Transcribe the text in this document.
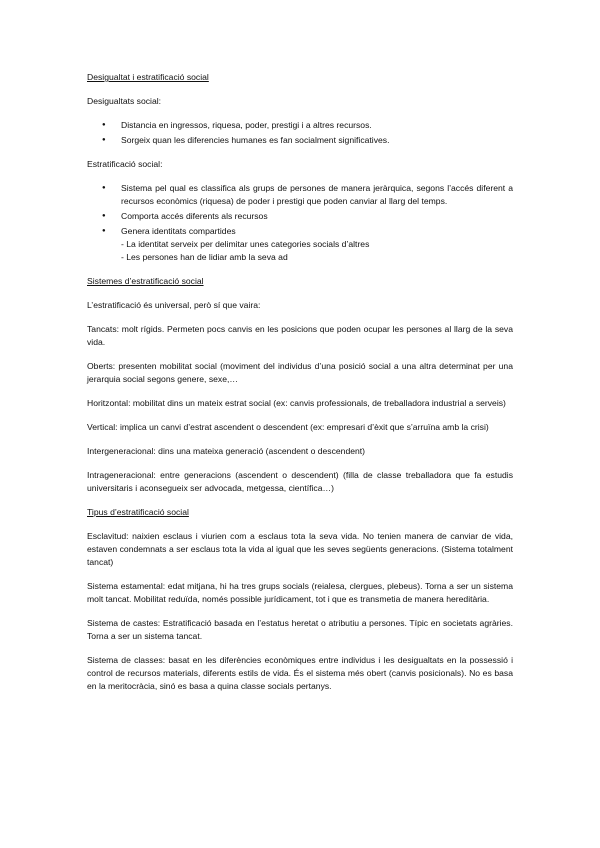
Desigualtat i estratificació social

Desigualtats social:

● Distancia en ingressos, riquesa, poder, prestigi i a altres recursos.
● Sorgeix quan les diferencies humanes es fan socialment significatives.

Estratificació social:

● Sistema pel qual es classifica als grups de persones de manera jeràrquica, segons l’accés diferent a recursos econòmics (riquesa) de poder i prestigi que poden canviar al llarg del temps.
● Comporta accés diferents als recursos
● Genera identitats compartides
- La identitat serveix per delimitar unes categories socials d’altres
- Les persones han de lidiar amb la seva ad

Sistemes d’estratificació social

L’estratificació és universal, però sí que vaira:

Tancats: molt rígids. Permeten pocs canvis en les posicions que poden ocupar les persones al llarg de la seva vida.

Oberts: presenten mobilitat social (moviment del individus d’una posició social a una altra determinat per una jerarquia social segons genere, sexe,…

Horitzontal: mobilitat dins un mateix estrat social (ex: canvis professionals, de treballadora industrial a serveis)

Vertical: implica un canvi d’estrat ascendent o descendent (ex: empresari d’èxit que s’arruïna amb la crisi)

Intergeneracional: dins una mateixa generació (ascendent o descendent)

Intrageneracional: entre generacions (ascendent o descendent) (filla de classe treballadora que fa estudis universitaris i aconsegueix ser advocada, metgessa, científica…)

Tipus d’estratificació social

Esclavitud: naixien esclaus i viurien com a esclaus tota la seva vida. No tenien manera de canviar de vida, estaven condemnats a ser esclaus tota la vida al igual que les seves següents generacions. (Sistema totalment tancat)

Sistema estamental: edat mitjana, hi ha tres grups socials (reialesa, clergues, plebeus). Torna a ser un sistema molt tancat. Mobilitat reduïda, només possible jurídicament, tot i que es transmetia de manera hereditària.

Sistema de castes: Estratificació basada en l’estatus heretat o atributiu a persones. Típic en societats agràries. Torna a ser un sistema tancat.

Sistema de classes: basat en les diferències econòmiques entre individus i les desigualtats en la possessió i control de recursos materials, diferents estils de vida. És el sistema més obert (canvis posicionals). No es basa en la meritocràcia, sinó es basa a quina classe socials pertanys.
